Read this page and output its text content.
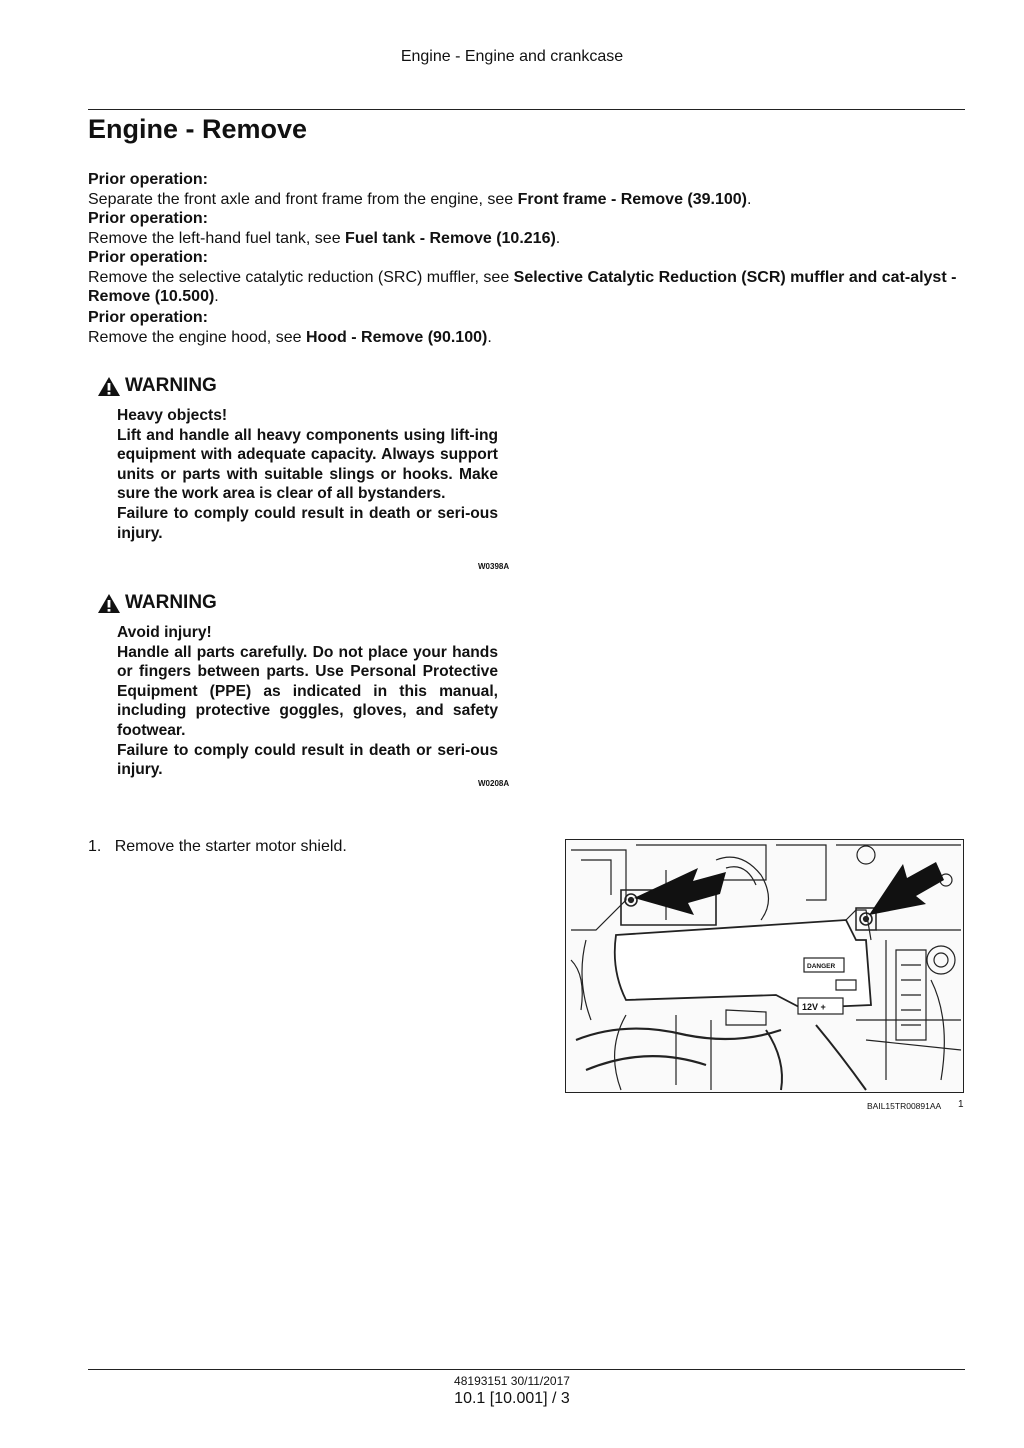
Engine - Engine and crankcase
Engine - Remove
Prior operation:
Separate the front axle and front frame from the engine, see Front frame - Remove (39.100).
Prior operation:
Remove the left-hand fuel tank, see Fuel tank - Remove (10.216).
Prior operation:
Remove the selective catalytic reduction (SRC) muffler, see Selective Catalytic Reduction (SCR) muffler and cat-alyst - Remove (10.500).
Prior operation:
Remove the engine hood, see Hood - Remove (90.100).
WARNING
Heavy objects!
Lift and handle all heavy components using lift-ing equipment with adequate capacity. Always support units or parts with suitable slings or hooks. Make sure the work area is clear of all bystanders.
Failure to comply could result in death or seri-ous injury.
W0398A
WARNING
Avoid injury!
Handle all parts carefully. Do not place your hands or fingers between parts. Use Personal Protective Equipment (PPE) as indicated in this manual, including protective goggles, gloves, and safety footwear.
Failure to comply could result in death or seri-ous injury.
W0208A
1. Remove the starter motor shield.
DANGER
12V +
BAIL15TR00891AA 1
48193151 30/11/2017
10.1 [10.001] / 3
